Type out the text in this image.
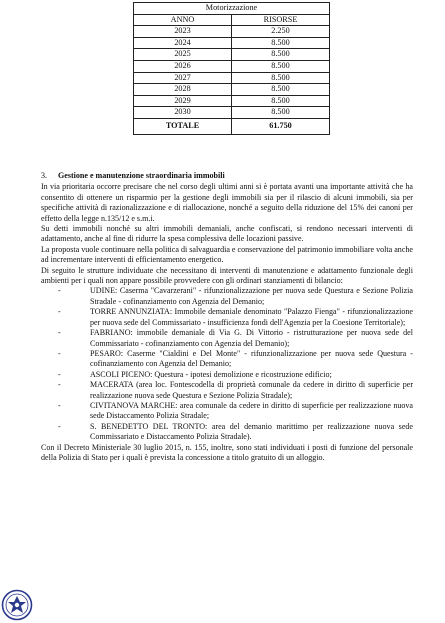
Motorizzazione	
ANNO	RISORSE
2023	2.250
2024	8.500
2025	8.500
2026	8.500
2027	8.500
2028	8.500
2029	8.500
2030	8.500
TOTALE	61.750
3. Gestione e manutenzione straordinaria immobili

In via prioritaria occorre precisare che nel corso degli ultimi anni si è portata avanti una importante attività che ha consentito di ottenere un risparmio per la gestione degli immobili sia per il rilascio di alcuni immobili, sia per specifiche attività di razionalizzazione e di riallocazione, nonché a seguito della riduzione del 15% dei canoni per effetto della legge n.135/12 e s.m.i.

Su detti immobili nonché su altri immobili demaniali, anche confiscati, si rendono necessari interventi di adattamento, anche al fine di ridurre la spesa complessiva delle locazioni passive.

La proposta vuole continuare nella politica di salvaguardia e conservazione del patrimonio immobiliare volta anche ad incrementare interventi di efficientamento energetico.

Di seguito le strutture individuate che necessitano di interventi di manutenzione e adattamento funzionale degli ambienti per i quali non appare possibile provvedere con gli ordinari stanziamenti di bilancio:

-	UDINE: Caserma "Cavarzerani" - rifunzionalizzazione per nuova sede Questura e Sezione Polizia Stradale - cofinanziamento con Agenzia del Demanio;
-	TORRE ANNUNZIATA: Immobile demaniale denominato "Palazzo Fienga" - rifunzionalizzazione per nuova sede del Commissariato - insufficienza fondi dell'Agenzia per la Coesione Territoriale);
-	FABRIANO: immobile demaniale di Via G. Di Vittorio - ristrutturazione per nuova sede del Commissariato - cofinanziamento con Agenzia del Demanio);
-	PESARO: Caserme "Cialdini e Del Monte" - rifunzionalizzazione per nuova sede Questura - cofinanziamento con Agenzia del Demanio;
-	ASCOLI PICENO: Questura - ipotesi demolizione e ricostruzione edificio;
-	MACERATA (area loc. Fontescodella di proprietà comunale da cedere in diritto di superficie per realizzazione nuova sede Questura e Sezione Polizia Stradale);
-	CIVITANOVA MARCHE: area comunale da cedere in diritto di superficie per realizzazione nuova sede Distaccamento Polizia Stradale;
-	S. BENEDETTO DEL TRONTO: area del demanio marittimo per realizzazione nuova sede Commissariato e Distaccamento Polizia Stradale).

Con il Decreto Ministeriale 30 luglio 2015, n. 155, inoltre, sono stati individuati i posti di funzione del personale della Polizia di Stato per i quali è prevista la concessione a titolo gratuito di un alloggio.
